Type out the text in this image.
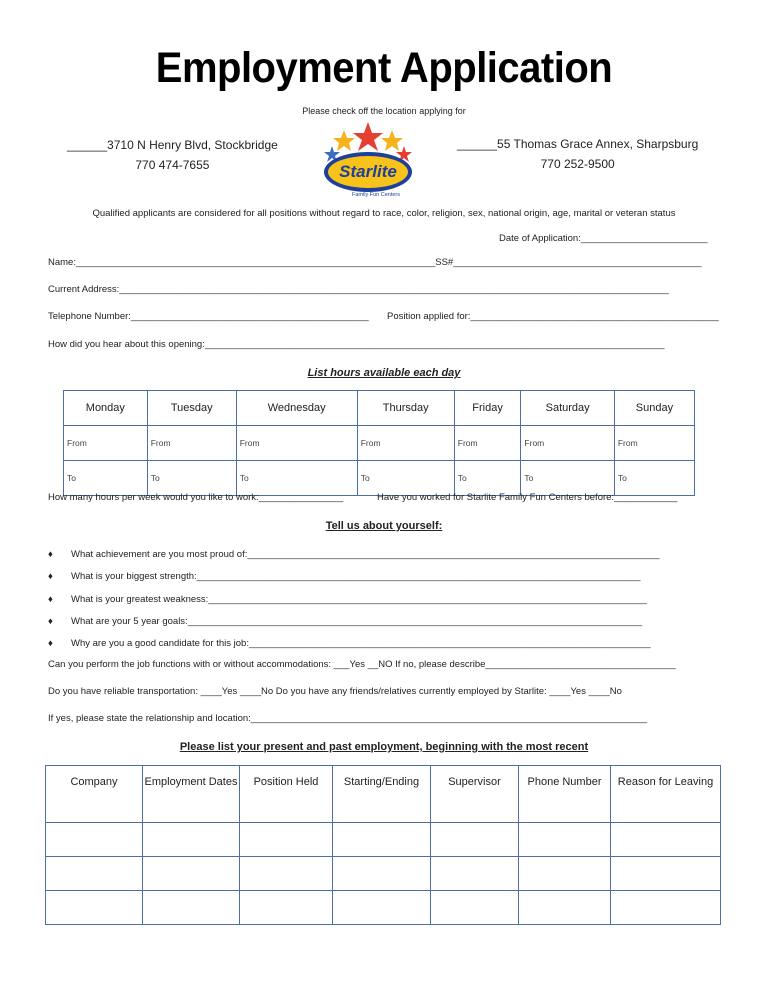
Employment Application
Please check off the location applying for
______3710 N Henry Blvd, Stockbridge
770 474-7655	Starlite
Family Fun Centers
______55 Thomas Grace Annex, Sharpsburg
770 252-9500
Qualified applicants are considered for all positions without regard to race, color, religion, sex, national origin, age, marital or veteran status
Date of Application:________________________
Name:____________________________________________________________________SS#_______________________________________________
Current Address:________________________________________________________________________________________________________
Telephone Number:_____________________________________________ Position applied for:_______________________________________________
How did you hear about this opening:_______________________________________________________________________________________
List hours available each day
Monday	Tuesday	Wednesday	Thursday	Friday	Saturday	Sunday
From	From	From	From	From	From	From
To	To	To	To	To	To	To
How many hours per week would you like to work:________________	Have you worked for Starlite Family Fun Centers before:____________
Tell us about yourself:
♦ What achievement are you most proud of:______________________________________________________________________________
♦ What is your biggest strength:____________________________________________________________________________________
♦ What is your greatest weakness:___________________________________________________________________________________
♦ What are your 5 year goals:______________________________________________________________________________________
♦ Why are you a good candidate for this job:____________________________________________________________________________
Can you perform the job functions with or without accommodations: ___Yes __NO If no, please describe____________________________________
Do you have reliable transportation: ____Yes ____No Do you have any friends/relatives currently employed by Starlite: ____Yes ____No
If yes, please state the relationship and location:___________________________________________________________________________
Please list your present and past employment, beginning with the most recent
Company	Employment Dates	Position Held	Starting/Ending	Supervisor	Phone Number	Reason for Leaving
